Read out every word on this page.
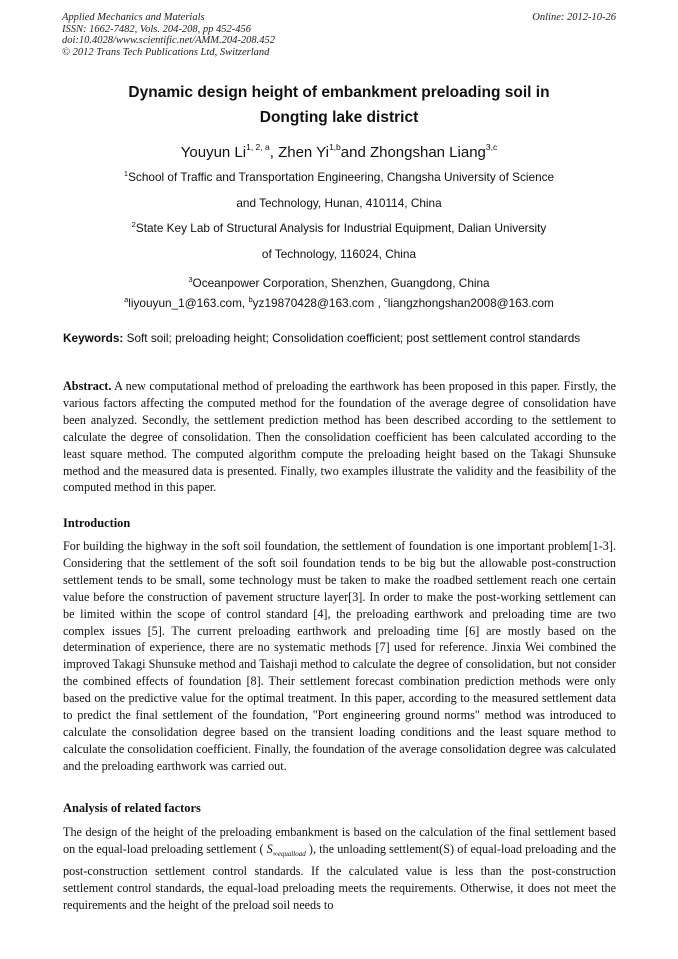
Applied Mechanics and Materials
ISSN: 1662-7482, Vols. 204-208, pp 452-456
doi:10.4028/www.scientific.net/AMM.204-208.452
© 2012 Trans Tech Publications Ltd, Switzerland
Online: 2012-10-26
Dynamic design height of embankment preloading soil in
Dongting lake district
Youyun Li$^{1, 2, a}$, Zhen Yi$^{1,b}$and Zhongshan Liang$^{3,c}$
$^1$School of Traffic and Transportation Engineering, Changsha University of Science
and Technology, Hunan, 410114, China
$^2$State Key Lab of Structural Analysis for Industrial Equipment, Dalian University
of Technology, 116024, China
$^3$Oceanpower Corporation, Shenzhen, Guangdong, China
$^a$liyouyun_1@163.com, $^b$yz19870428@163.com , $^c$liangzhongshan2008@163.com
Keywords: Soft soil; preloading height; Consolidation coefficient; post settlement control standards
Abstract. A new computational method of preloading the earthwork has been proposed in this paper. Firstly, the various factors affecting the computed method for the foundation of the average degree of consolidation have been analyzed. Secondly, the settlement prediction method has been described according to the settlement to calculate the degree of consolidation. Then the consolidation coefficient has been calculated according to the least square method. The computed algorithm compute the preloading height based on the Takagi Shunsuke method and the measured data is presented. Finally, two examples illustrate the validity and the feasibility of the computed method in this paper.
Introduction
For building the highway in the soft soil foundation, the settlement of foundation is one important problem[1-3]. Considering that the settlement of the soft soil foundation tends to be big but the allowable post-construction settlement tends to be small, some technology must be taken to make the roadbed settlement reach one certain value before the construction of pavement structure layer[3]. In order to make the post-working settlement can be limited within the scope of control standard [4], the preloading earthwork and preloading time are two complex issues [5]. The current preloading earthwork and preloading time [6] are mostly based on the determination of experience, there are no systematic methods [7] used for reference. Jinxia Wei combined the improved Takagi Shunsuke method and Taishaji method to calculate the degree of consolidation, but not consider the combined effects of foundation [8]. Their settlement forecast combination prediction methods were only based on the predictive value for the optimal treatment. In this paper, according to the measured settlement data to predict the final settlement of the foundation, "Port engineering ground norms" method was introduced to calculate the consolidation degree based on the transient loading conditions and the least square method to calculate the consolidation coefficient. Finally, the foundation of the average consolidation degree was calculated and the preloading earthwork was carried out.
Analysis of related factors
The design of the height of the preloading embankment is based on the calculation of the final settlement based on the equal-load preloading settlement ( $S_{\infty equalload}$ ), the unloading settlement(S) of equal-load preloading and the post-construction settlement control standards. If the calculated value is less than the post-construction settlement control standards, the equal-load preloading meets the requirements. Otherwise, it does not meet the requirements and the height of the preload soil needs to
